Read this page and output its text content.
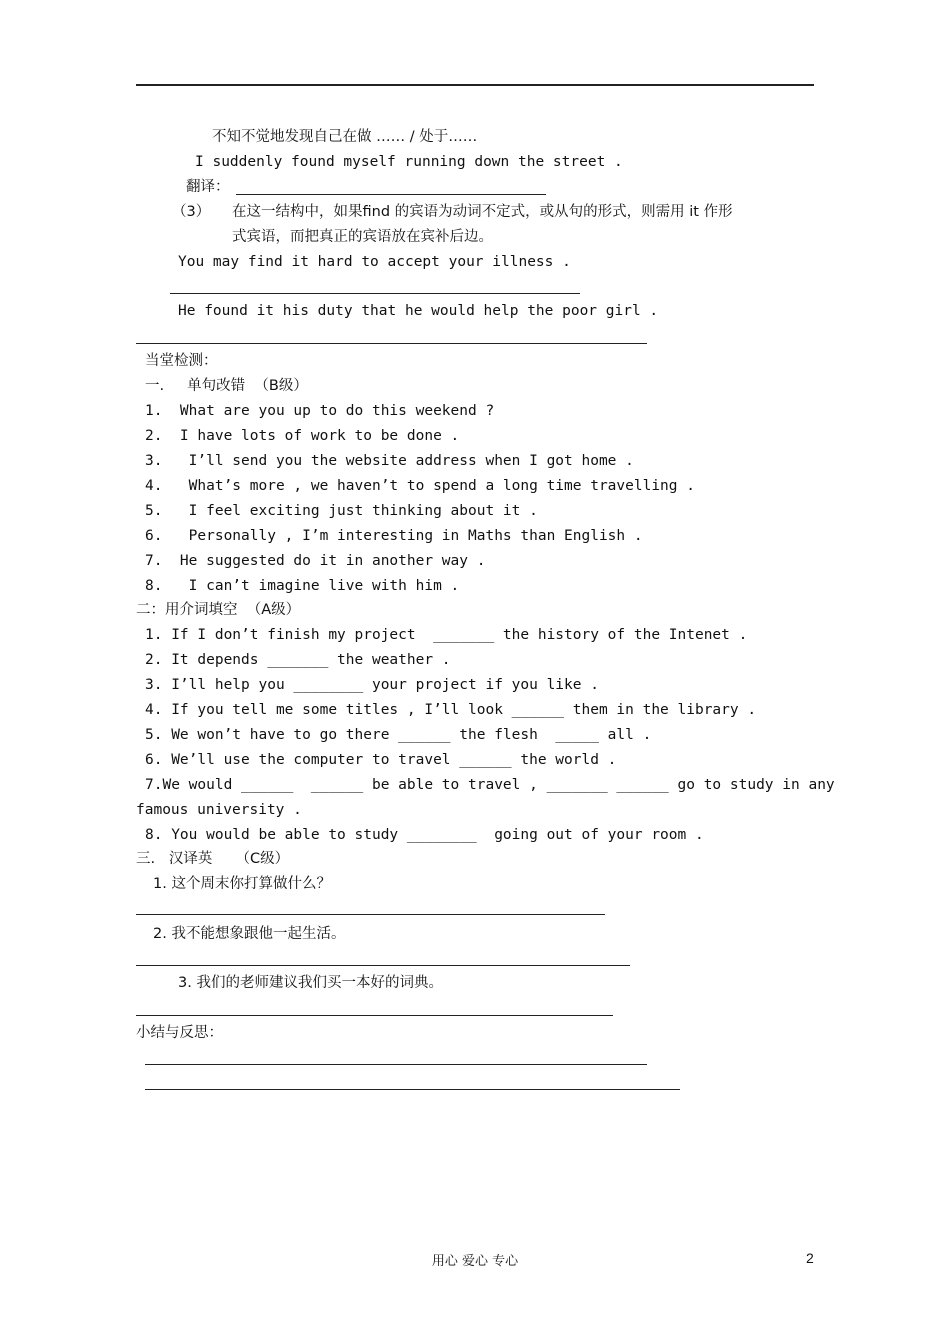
不知不觉地发现自己在做 …… / 处于……
I suddenly found myself running down the street .
翻译：
（3） 在这一结构中，如果find 的宾语为动词不定式，或从句的形式，则需用 it 作形
式宾语，而把真正的宾语放在宾补后边。
You may find it hard to accept your illness .
He found it his duty that he would help the poor girl .
当堂检测：
一.     单句改错  （B级）
1.  What are you up to do this weekend ?
2.  I have lots of work to be done .
3.   I’ll send you the website address when I got home .
4.   What’s more , we haven’t to spend a long time travelling .
5.   I feel exciting just thinking about it .
6.   Personally , I’m interesting in Maths than English .
7.  He suggested do it in another way .
8.   I can’t imagine live with him .
二：用介词填空  （A级）
1. If I don’t finish my project  _______ the history of the Intenet .
2. It depends _______ the weather .
3. I’ll help you ________ your project if you like .
4. If you tell me some titles , I’ll look ______ them in the library .
5. We won’t have to go there ______ the flesh  _____ all .
6. We’ll use the computer to travel ______ the world .
7.We would ______  ______ be able to travel , _______ ______ go to study in any
famous university .
8. You would be able to study ________  going out of your room .
三.   汉译英     （C级）
1. 这个周末你打算做什么？
2. 我不能想象跟他一起生活。
3. 我们的老师建议我们买一本好的词典。
小结与反思：
用心 爱心 专心	2
